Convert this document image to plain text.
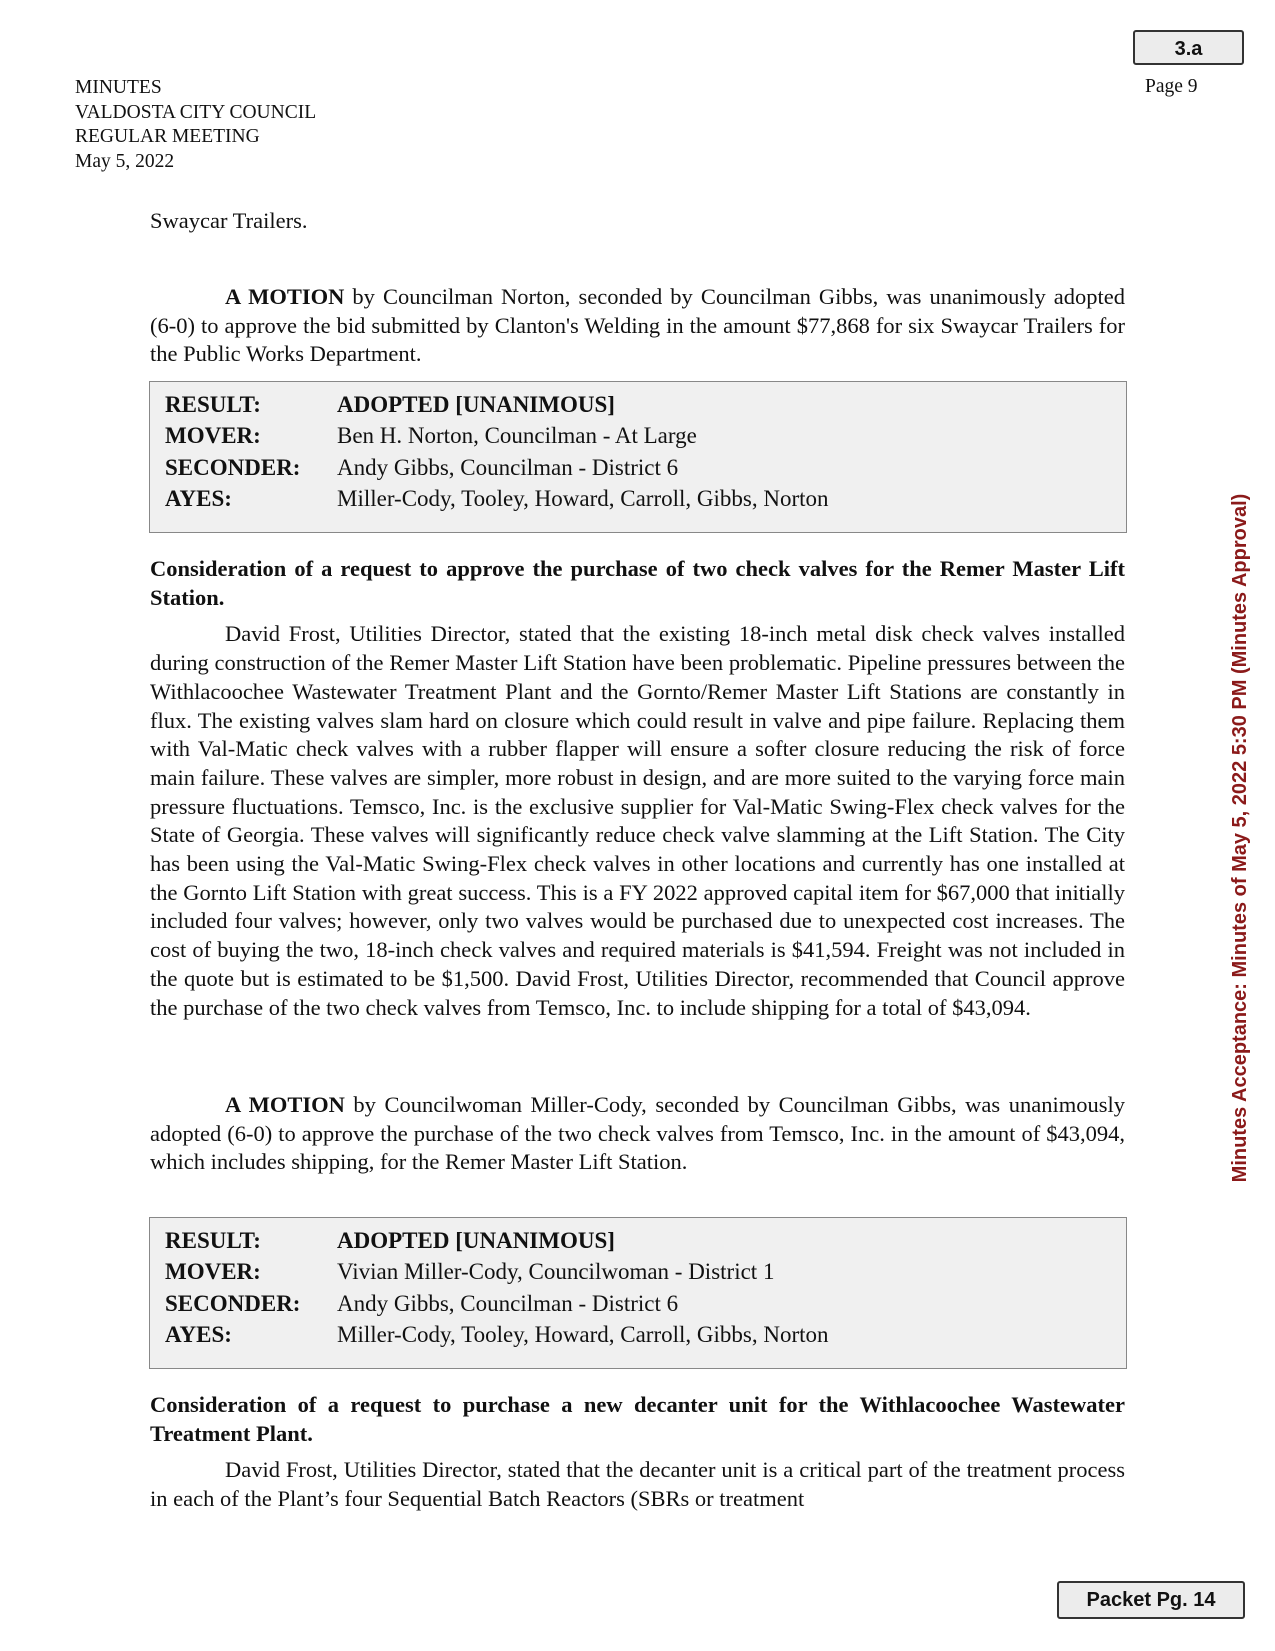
3.a
MINUTES
VALDOSTA CITY COUNCIL
REGULAR MEETING
May 5, 2022
Page 9
Minutes Acceptance: Minutes of May 5, 2022 5:30 PM (Minutes Approval)

Swaycar Trailers.

A MOTION by Councilman Norton, seconded by Councilman Gibbs, was unanimously adopted (6-0) to approve the bid submitted by Clanton's Welding in the amount $77,868 for six Swaycar Trailers for the Public Works Department.

RESULT:	ADOPTED [UNANIMOUS]
MOVER:	Ben H. Norton, Councilman - At Large
SECONDER: Andy Gibbs, Councilman - District 6
AYES:	Miller-Cody, Tooley, Howard, Carroll, Gibbs, Norton

Consideration of a request to approve the purchase of two check valves for the Remer Master Lift Station.

David Frost, Utilities Director, stated that the existing 18-inch metal disk check valves installed during construction of the Remer Master Lift Station have been problematic. Pipeline pressures between the Withlacoochee Wastewater Treatment Plant and the Gornto/Remer Master Lift Stations are constantly in flux. The existing valves slam hard on closure which could result in valve and pipe failure. Replacing them with Val-Matic check valves with a rubber flapper will ensure a softer closure reducing the risk of force main failure. These valves are simpler, more robust in design, and are more suited to the varying force main pressure fluctuations. Temsco, Inc. is the exclusive supplier for Val-Matic Swing-Flex check valves for the State of Georgia. These valves will significantly reduce check valve slamming at the Lift Station. The City has been using the Val-Matic Swing-Flex check valves in other locations and currently has one installed at the Gornto Lift Station with great success. This is a FY 2022 approved capital item for $67,000 that initially included four valves; however, only two valves would be purchased due to unexpected cost increases. The cost of buying the two, 18-inch check valves and required materials is $41,594. Freight was not included in the quote but is estimated to be $1,500. David Frost, Utilities Director, recommended that Council approve the purchase of the two check valves from Temsco, Inc. to include shipping for a total of $43,094.

A MOTION by Councilwoman Miller-Cody, seconded by Councilman Gibbs, was unanimously adopted (6-0) to approve the purchase of the two check valves from Temsco, Inc. in the amount of $43,094, which includes shipping, for the Remer Master Lift Station.

RESULT:	ADOPTED [UNANIMOUS]
MOVER:	Vivian Miller-Cody, Councilwoman - District 1
SECONDER: Andy Gibbs, Councilman - District 6
AYES:	Miller-Cody, Tooley, Howard, Carroll, Gibbs, Norton

Consideration of a request to purchase a new decanter unit for the Withlacoochee Wastewater Treatment Plant.

David Frost, Utilities Director, stated that the decanter unit is a critical part of the treatment process in each of the Plant’s four Sequential Batch Reactors (SBRs or treatment

Packet Pg. 14
